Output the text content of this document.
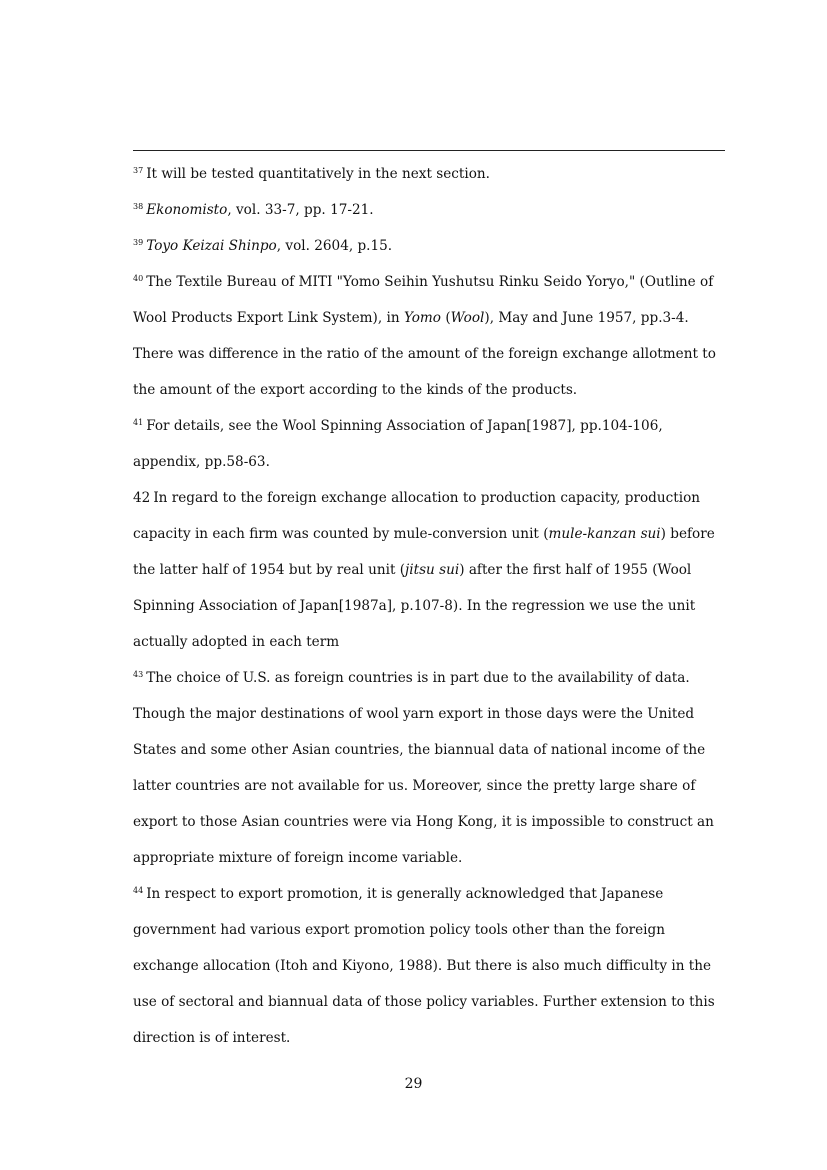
$^{37}$ It will be tested quantitatively in the next section.

$^{38}$ Ekonomisto, vol. 33-7, pp. 17-21.

$^{39}$ Toyo Keizai Shinpo, vol. 2604, p.15.

$^{40}$ The Textile Bureau of MITI "Yomo Seihin Yushutsu Rinku Seido Yoryo," (Outline of Wool Products Export Link System), in Yomo (Wool), May and June 1957, pp.3-4. There was difference in the ratio of the amount of the foreign exchange allotment to the amount of the export according to the kinds of the products.

$^{41}$ For details, see the Wool Spinning Association of Japan[1987], pp.104-106, appendix, pp.58-63.

42 In regard to the foreign exchange allocation to production capacity, production capacity in each firm was counted by mule-conversion unit (mule-kanzan sui) before the latter half of 1954 but by real unit (jitsu sui) after the first half of 1955 (Wool Spinning Association of Japan[1987a], p.107-8). In the regression we use the unit actually adopted in each term

$^{43}$ The choice of U.S. as foreign countries is in part due to the availability of data. Though the major destinations of wool yarn export in those days were the United States and some other Asian countries, the biannual data of national income of the latter countries are not available for us. Moreover, since the pretty large share of export to those Asian countries were via Hong Kong, it is impossible to construct an appropriate mixture of foreign income variable.

$^{44}$ In respect to export promotion, it is generally acknowledged that Japanese government had various export promotion policy tools other than the foreign exchange allocation (Itoh and Kiyono, 1988). But there is also much difficulty in the use of sectoral and biannual data of those policy variables. Further extension to this direction is of interest.

29
